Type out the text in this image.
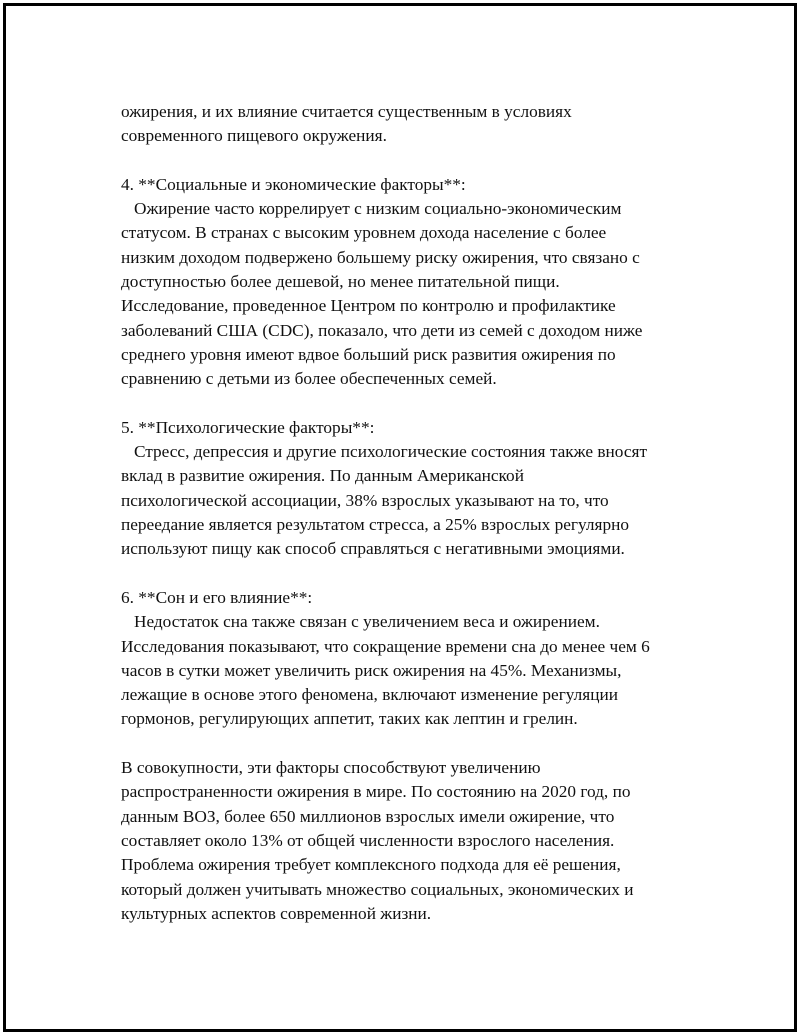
ожирения, и их влияние считается существенным в условиях
современного пищевого окружения.
4. **Социальные и экономические факторы**:
Ожирение часто коррелирует с низким социально-экономическим
статусом. В странах с высоким уровнем дохода население с более
низким доходом подвержено большему риску ожирения, что связано с
доступностью более дешевой, но менее питательной пищи.
Исследование, проведенное Центром по контролю и профилактике
заболеваний США (CDC), показало, что дети из семей с доходом ниже
среднего уровня имеют вдвое больший риск развития ожирения по
сравнению с детьми из более обеспеченных семей.
5. **Психологические факторы**:
Стресс, депрессия и другие психологические состояния также вносят
вклад в развитие ожирения. По данным Американской
психологической ассоциации, 38% взрослых указывают на то, что
переедание является результатом стресса, а 25% взрослых регулярно
используют пищу как способ справляться с негативными эмоциями.
6. **Сон и его влияние**:
Недостаток сна также связан с увеличением веса и ожирением.
Исследования показывают, что сокращение времени сна до менее чем 6
часов в сутки может увеличить риск ожирения на 45%. Механизмы,
лежащие в основе этого феномена, включают изменение регуляции
гормонов, регулирующих аппетит, таких как лептин и грелин.
В совокупности, эти факторы способствуют увеличению
распространенности ожирения в мире. По состоянию на 2020 год, по
данным ВОЗ, более 650 миллионов взрослых имели ожирение, что
составляет около 13% от общей численности взрослого населения.
Проблема ожирения требует комплексного подхода для её решения,
который должен учитывать множество социальных, экономических и
культурных аспектов современной жизни.
